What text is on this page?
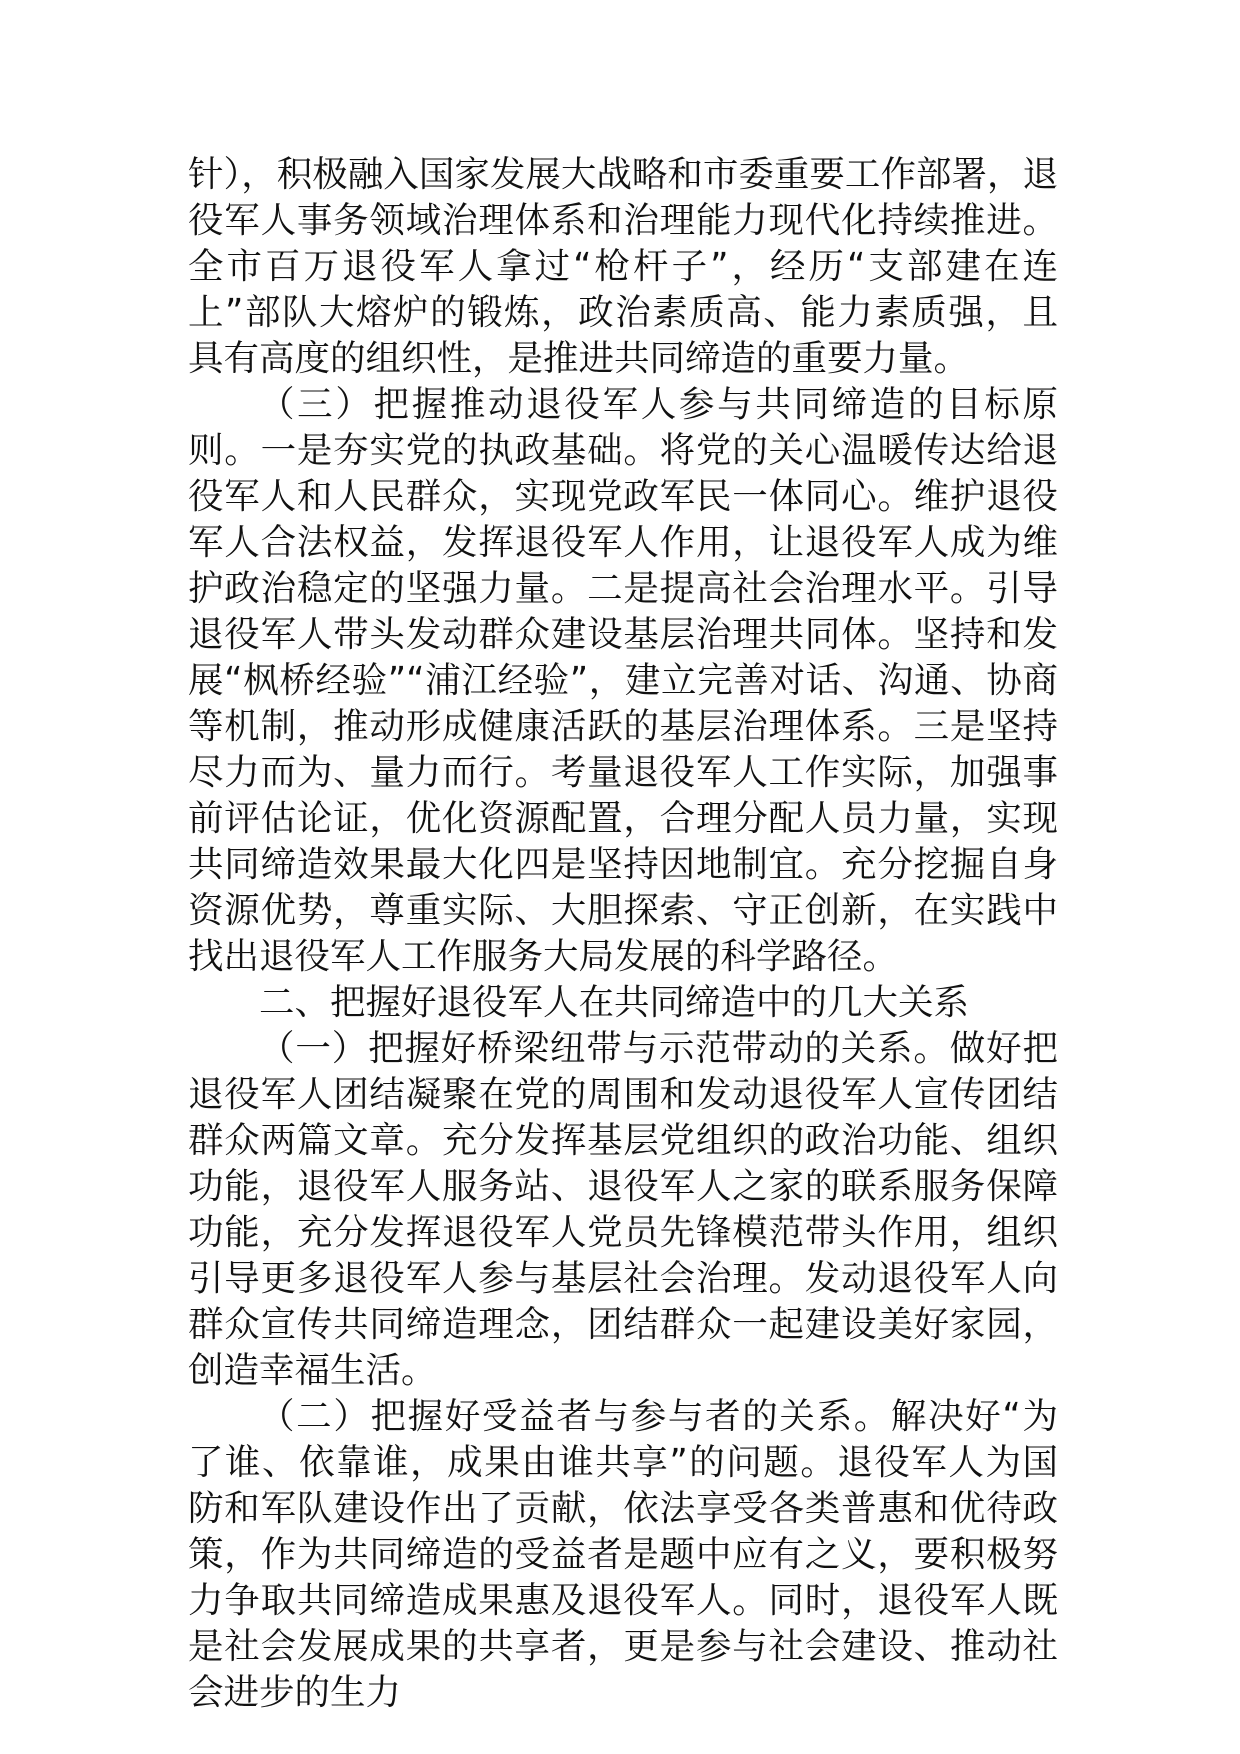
针），积极融入国家发展大战略和市委重要工作部署，退役军人事务领域治理体系和治理能力现代化持续推进。全市百万退役军人拿过“枪杆子”，经历“支部建在连上”部队大熔炉的锻炼，政治素质高、能力素质强，且具有高度的组织性，是推进共同缔造的重要力量。

（三）把握推动退役军人参与共同缔造的目标原则。一是夯实党的执政基础。将党的关心温暖传达给退役军人和人民群众，实现党政军民一体同心。维护退役军人合法权益，发挥退役军人作用，让退役军人成为维护政治稳定的坚强力量。二是提高社会治理水平。引导退役军人带头发动群众建设基层治理共同体。坚持和发展“枫桥经验”“浦江经验”，建立完善对话、沟通、协商等机制，推动形成健康活跃的基层治理体系。三是坚持尽力而为、量力而行。考量退役军人工作实际，加强事前评估论证，优化资源配置，合理分配人员力量，实现共同缔造效果最大化四是坚持因地制宜。充分挖掘自身资源优势，尊重实际、大胆探索、守正创新，在实践中找出退役军人工作服务大局发展的科学路径。

二、把握好退役军人在共同缔造中的几大关系

（一）把握好桥梁纽带与示范带动的关系。做好把退役军人团结凝聚在党的周围和发动退役军人宣传团结群众两篇文章。充分发挥基层党组织的政治功能、组织功能，退役军人服务站、退役军人之家的联系服务保障功能，充分发挥退役军人党员先锋模范带头作用，组织引导更多退役军人参与基层社会治理。发动退役军人向群众宣传共同缔造理念，团结群众一起建设美好家园，创造幸福生活。

（二）把握好受益者与参与者的关系。解决好“为了谁、依靠谁，成果由谁共享”的问题。退役军人为国防和军队建设作出了贡献，依法享受各类普惠和优待政策，作为共同缔造的受益者是题中应有之义，要积极努力争取共同缔造成果惠及退役军人。同时，退役军人既是社会发展成果的共享者，更是参与社会建设、推动社会进步的生力
